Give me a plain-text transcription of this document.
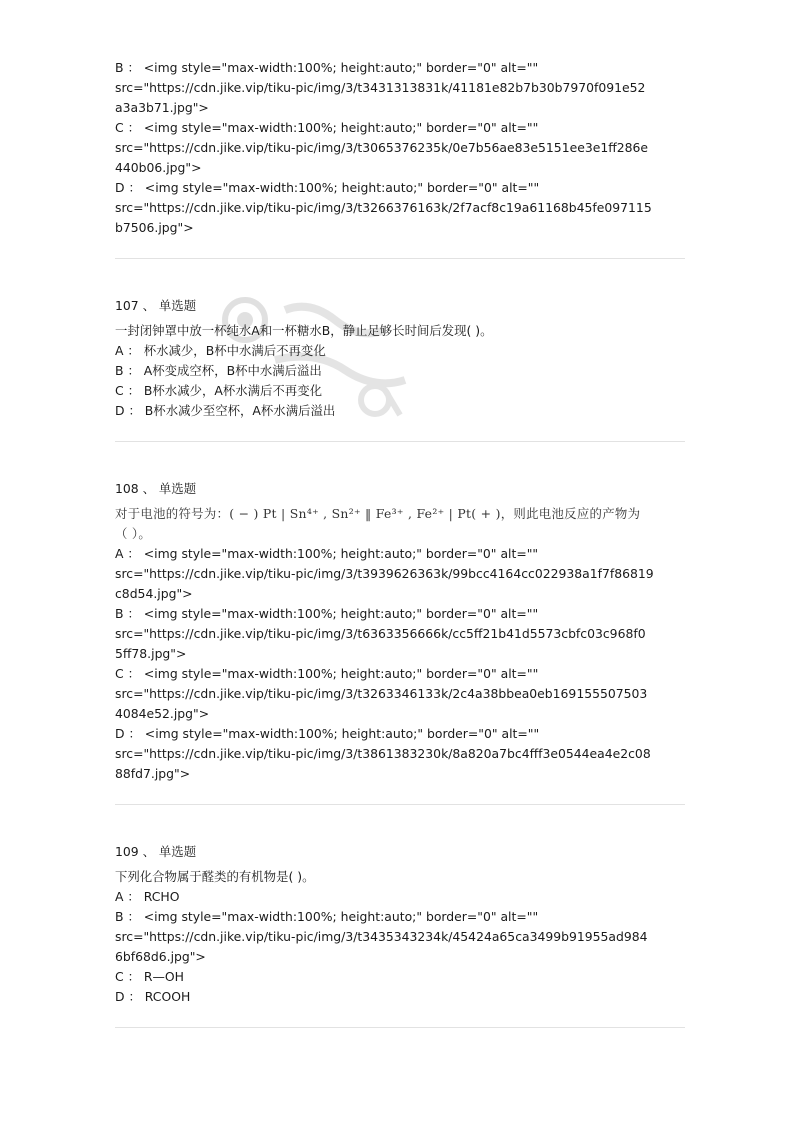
B ： <img style="max-width:100%; height:auto;" border="0" alt=""
src="https://cdn.jike.vip/tiku-pic/img/3/t3431313831k/41181e82b7b30b7970f091e52
a3a3b71.jpg">
C ： <img style="max-width:100%; height:auto;" border="0" alt=""
src="https://cdn.jike.vip/tiku-pic/img/3/t3065376235k/0e7b56ae83e5151ee3e1ff286e
440b06.jpg">
D ： <img style="max-width:100%; height:auto;" border="0" alt=""
src="https://cdn.jike.vip/tiku-pic/img/3/t3266376163k/2f7acf8c19a61168b45fe097115
b7506.jpg">
107 、 单选题
一封闭钟罩中放一杯纯水A和一杯糖水B，静止足够长时间后发现( )。
A ： 杯水减少，B杯中水满后不再变化
B ： A杯变成空杯，B杯中水满后溢出
C ： B杯水减少，A杯水满后不再变化
D ： B杯水减少至空杯，A杯水满后溢出
108 、 单选题
对于电池的符号为：( − ) Pt | Sn⁴⁺ , Sn²⁺ ‖ Fe³⁺ , Fe²⁺ | Pt( + )，则此电池反应的产物为
（ ）。
A ： <img style="max-width:100%; height:auto;" border="0" alt=""
src="https://cdn.jike.vip/tiku-pic/img/3/t3939626363k/99bcc4164cc022938a1f7f86819
c8d54.jpg">
B ： <img style="max-width:100%; height:auto;" border="0" alt=""
src="https://cdn.jike.vip/tiku-pic/img/3/t6363356666k/cc5ff21b41d5573cbfc03c968f0
5ff78.jpg">
C ： <img style="max-width:100%; height:auto;" border="0" alt=""
src="https://cdn.jike.vip/tiku-pic/img/3/t3263346133k/2c4a38bbea0eb169155507503
4084e52.jpg">
D ： <img style="max-width:100%; height:auto;" border="0" alt=""
src="https://cdn.jike.vip/tiku-pic/img/3/t3861383230k/8a820a7bc4fff3e0544ea4e2c08
88fd7.jpg">
109 、 单选题
下列化合物属于醛类的有机物是( )。
A ： RCHO
B ： <img style="max-width:100%; height:auto;" border="0" alt=""
src="https://cdn.jike.vip/tiku-pic/img/3/t3435343234k/45424a65ca3499b91955ad984
6bf68d6.jpg">
C ： R—OH
D ： RCOOH
